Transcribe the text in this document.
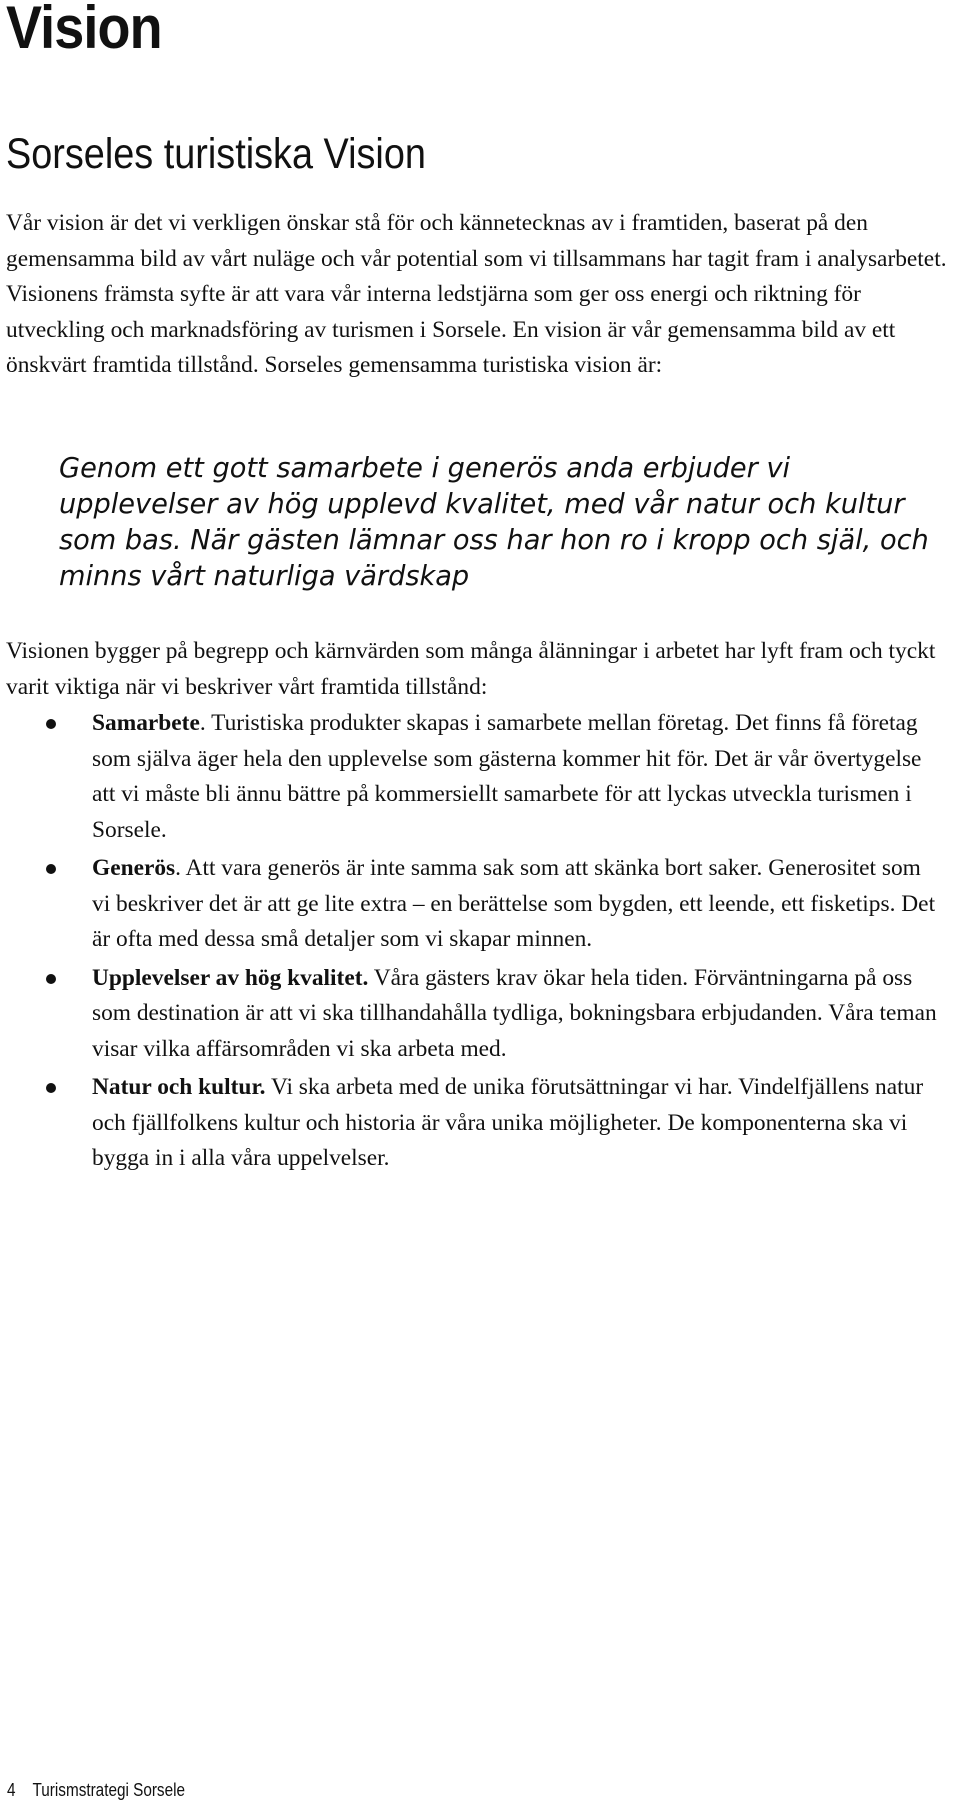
Vision
Sorseles turistiska Vision

Vår vision är det vi verkligen önskar stå för och kännetecknas av i framtiden, baserat på den gemensamma bild av vårt nuläge och vår potential som vi tillsammans har tagit fram i analysarbetet. Visionens främsta syfte är att vara vår interna ledstjärna som ger oss energi och riktning för utveckling och marknadsföring av turismen i Sorsele. En vision är vår gemensamma bild av ett önskvärt framtida tillstånd. Sorseles gemensamma turistiska vision är:

Genom ett gott samarbete i generös anda erbjuder vi upplevelser av hög upplevd kvalitet, med vår natur och kultur som bas. När gästen lämnar oss har hon ro i kropp och själ, och minns vårt naturliga värdskap

Visionen bygger på begrepp och kärnvärden som många ålänningar i arbetet har lyft fram och tyckt varit viktiga när vi beskriver vårt framtida tillstånd:

Samarbete. Turistiska produkter skapas i samarbete mellan företag. Det finns få företag som själva äger hela den upplevelse som gästerna kommer hit för. Det är vår övertygelse att vi måste bli ännu bättre på kommersiellt samarbete för att lyckas utveckla turismen i Sorsele.
Generös. Att vara generös är inte samma sak som att skänka bort saker. Generositet som vi beskriver det är att ge lite extra – en berättelse som bygden, ett leende, ett fisketips. Det är ofta med dessa små detaljer som vi skapar minnen.
Upplevelser av hög kvalitet. Våra gästers krav ökar hela tiden. Förväntningarna på oss som destination är att vi ska tillhandahålla tydliga, bokningsbara erbjudanden. Våra teman visar vilka affärsområden vi ska arbeta med.
Natur och kultur. Vi ska arbeta med de unika förutsättningar vi har. Vindelfjällens natur och fjällfolkens kultur och historia är våra unika möjligheter. De komponenterna ska vi bygga in i alla våra uppelvelser.
4 Turismstrategi Sorsele
